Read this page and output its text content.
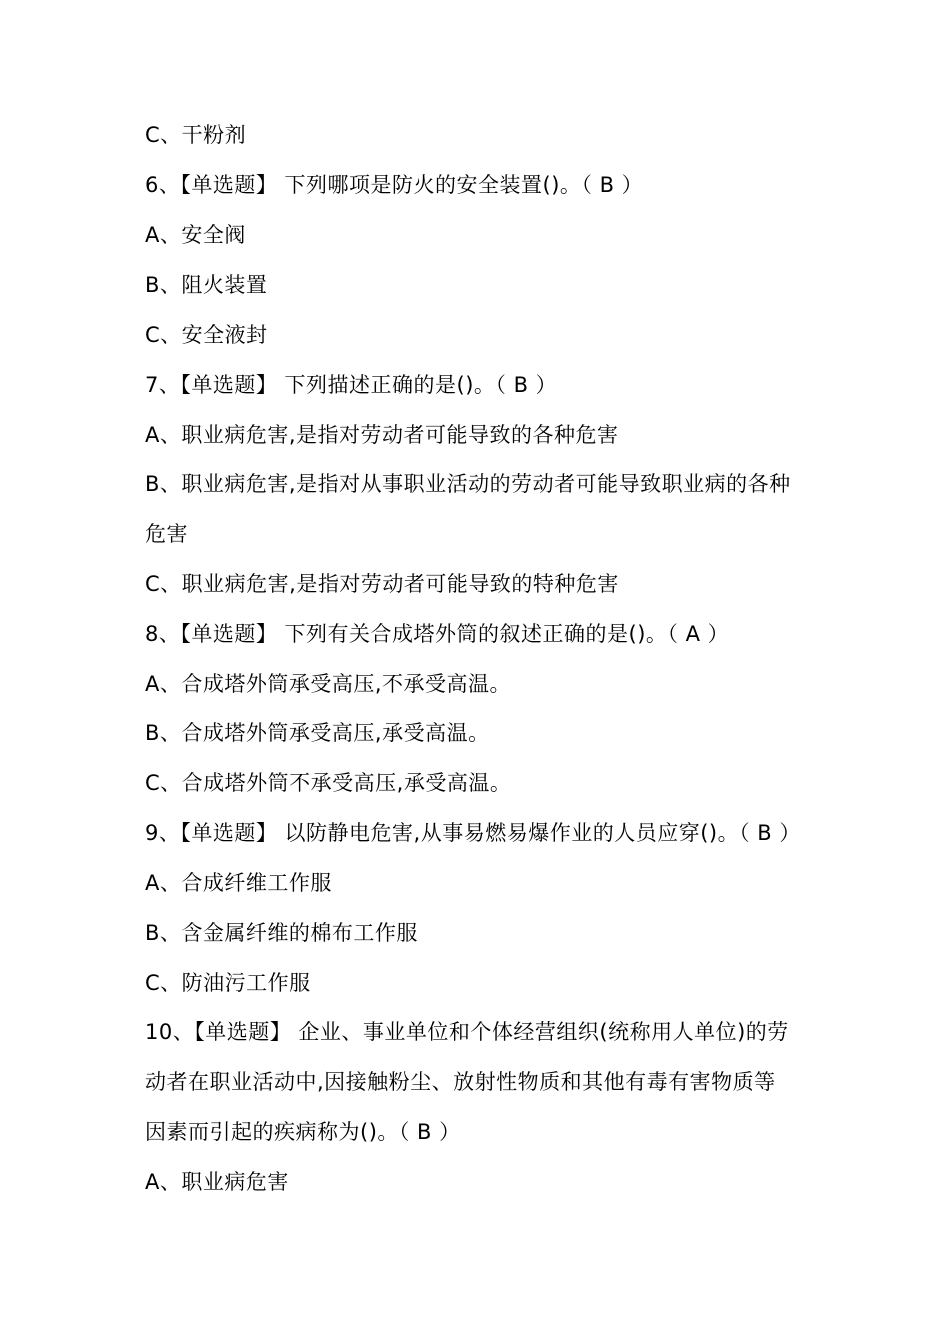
C、干粉剂
6、【单选题】 下列哪项是防火的安全装置()。（ B ）
A、安全阀
B、阻火装置
C、安全液封
7、【单选题】 下列描述正确的是()。（ B ）
A、职业病危害,是指对劳动者可能导致的各种危害
B、职业病危害,是指对从事职业活动的劳动者可能导致职业病的各种
危害
C、职业病危害,是指对劳动者可能导致的特种危害
8、【单选题】 下列有关合成塔外筒的叙述正确的是()。（ A ）
A、合成塔外筒承受高压,不承受高温。
B、合成塔外筒承受高压,承受高温。
C、合成塔外筒不承受高压,承受高温。
9、【单选题】 以防静电危害,从事易燃易爆作业的人员应穿()。（ B ）
A、合成纤维工作服
B、含金属纤维的棉布工作服
C、防油污工作服
10、【单选题】 企业、事业单位和个体经营组织(统称用人单位)的劳
动者在职业活动中,因接触粉尘、放射性物质和其他有毒有害物质等
因素而引起的疾病称为()。（ B ）
A、职业病危害
